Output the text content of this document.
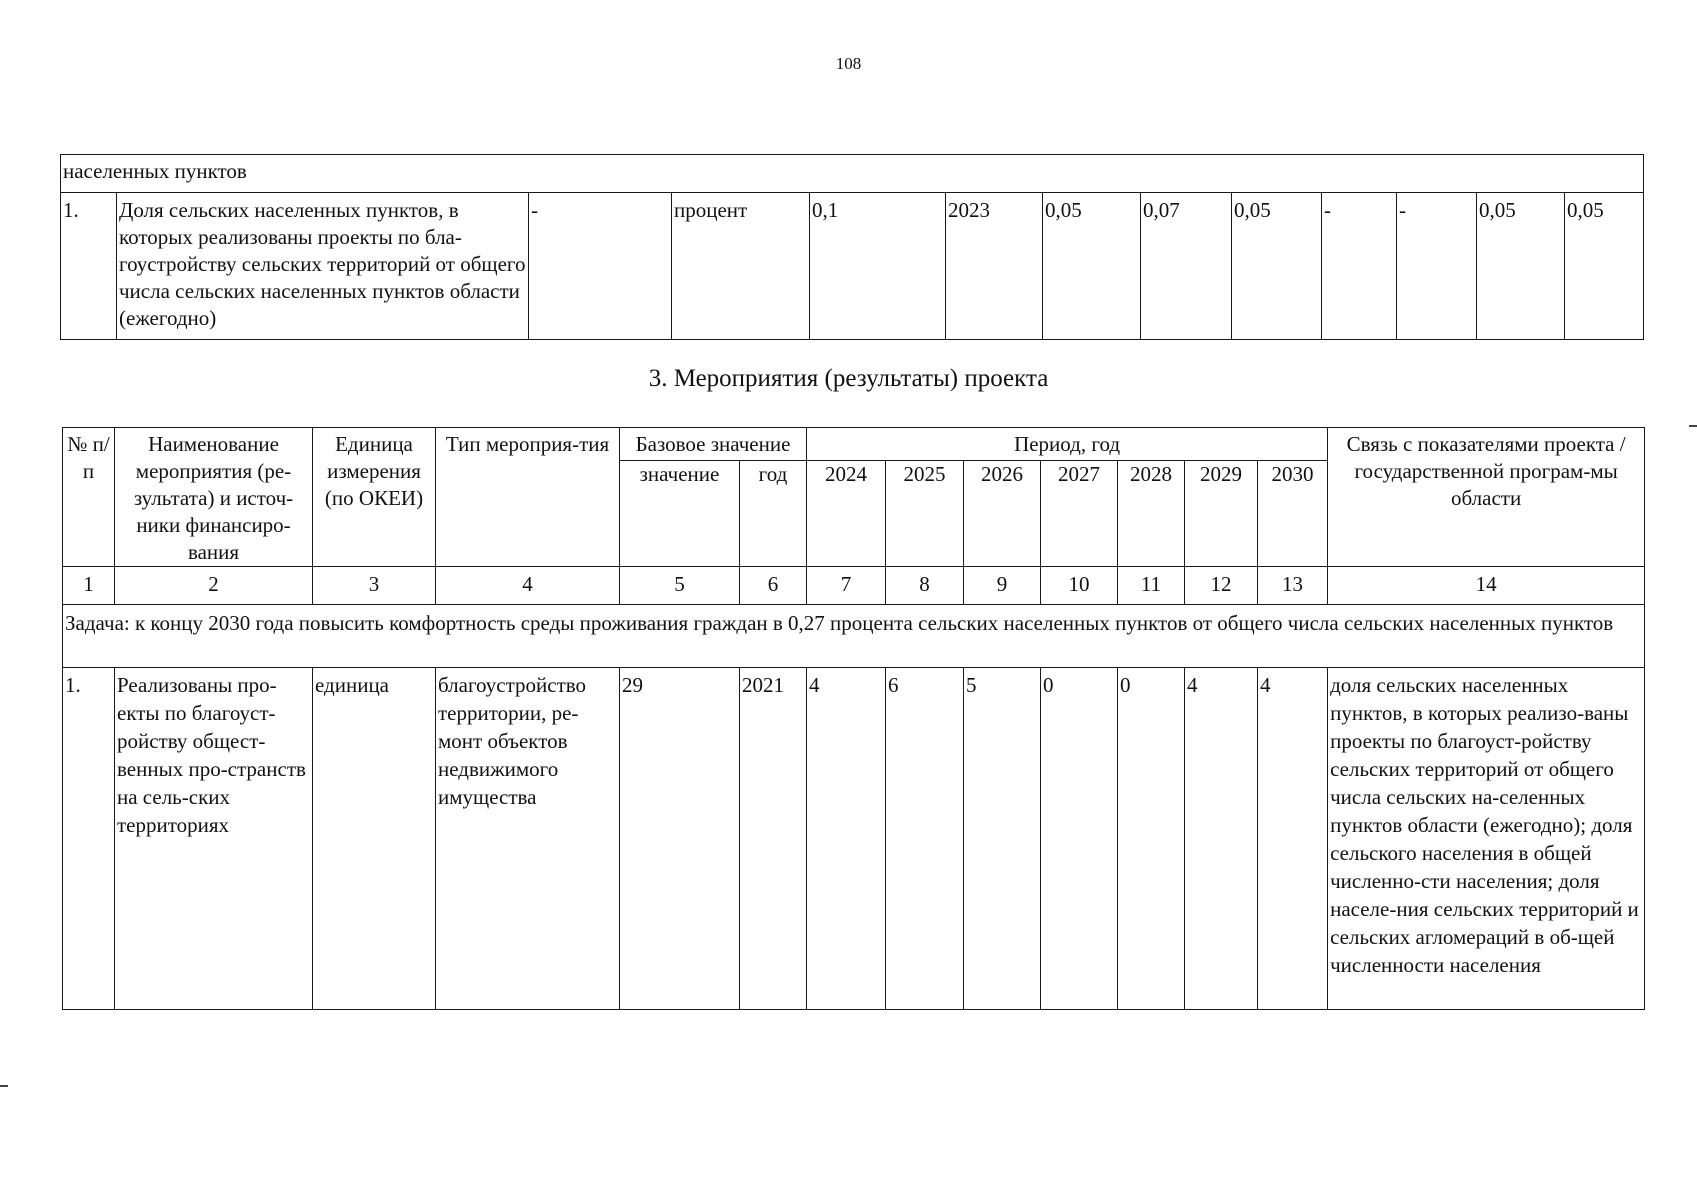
108
населенных пунктов
1.	Доля сельских населенных пунктов, в которых реализованы проекты по бла-гоустройству сельских территорий от общего числа сельских населенных пунктов области (ежегодно)	-	процент	0,1	2023	0,05	0,07	0,05	-	-	0,05	0,05
3. Мероприятия (результаты) проекта
№ п/п	Наименование мероприятия (ре-зультата) и источ-ники финансиро-вания	Единица измерения (по ОКЕИ)	Тип мероприя-тия	Базовое значение		Период, год							Связь с показателями проекта / государственной програм-мы области
				значение	год	2024	2025	2026	2027	2028	2029	2030	
1	2	3	4	5	6	7	8	9	10	11	12	13	14
Задача: к концу 2030 года повысить комфортность среды проживания граждан в 0,27 процента сельских населенных пунктов от общего числа сельских населенных пунктов													
1.	Реализованы про-екты по благоуст-ройству общест-венных про-странств на сель-ских территориях	единица	благоустройство территории, ре-монт объектов недвижимого имущества	29	2021	4	6	5	0	0	4	4	доля сельских населенных пунктов, в которых реализо-ваны проекты по благоуст-ройству сельских территорий от общего числа сельских на-селенных пунктов области (ежегодно); доля сельского населения в общей численно-сти населения; доля населе-ния сельских территорий и сельских агломераций в об-щей численности населения
